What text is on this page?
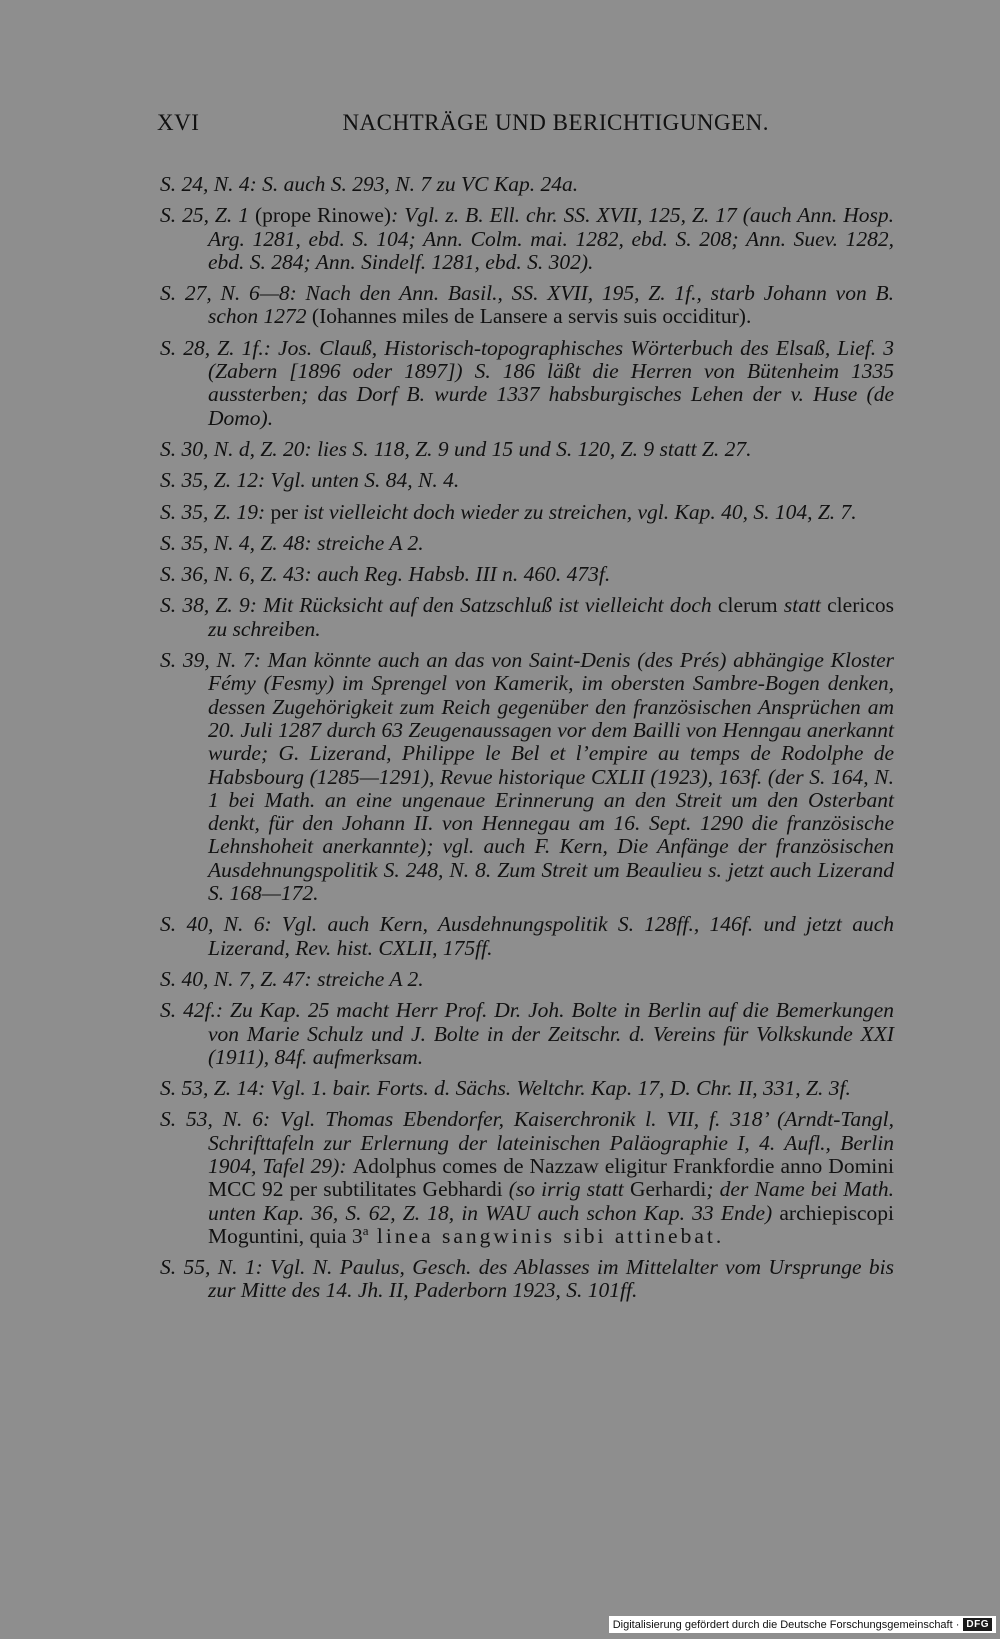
XVI	NACHTRÄGE UND BERICHTIGUNGEN.
S. 24, N. 4: S. auch S. 293, N. 7 zu VC Kap. 24a.
S. 25, Z. 1 (prope Rinowe): Vgl. z. B. Ell. chr. SS. XVII, 125, Z. 17 (auch Ann. Hosp. Arg. 1281, ebd. S. 104; Ann. Colm. mai. 1282, ebd. S. 208; Ann. Suev. 1282, ebd. S. 284; Ann. Sindelf. 1281, ebd. S. 302).
S. 27, N. 6—8: Nach den Ann. Basil., SS. XVII, 195, Z. 1f., starb Johann von B. schon 1272 (Iohannes miles de Lansere a servis suis occiditur).
S. 28, Z. 1f.: Jos. Clauß, Historisch-topographisches Wörterbuch des Elsaß, Lief. 3 (Zabern [1896 oder 1897]) S. 186 läßt die Herren von Bütenheim 1335 aussterben; das Dorf B. wurde 1337 habsburgisches Lehen der v. Huse (de Domo).
S. 30, N. d, Z. 20: lies S. 118, Z. 9 und 15 und S. 120, Z. 9 statt Z. 27.
S. 35, Z. 12: Vgl. unten S. 84, N. 4.
S. 35, Z. 19: per ist vielleicht doch wieder zu streichen, vgl. Kap. 40, S. 104, Z. 7.
S. 35, N. 4, Z. 48: streiche A 2.
S. 36, N. 6, Z. 43: auch Reg. Habsb. III n. 460. 473f.
S. 38, Z. 9: Mit Rücksicht auf den Satzschluß ist vielleicht doch clerum statt clericos zu schreiben.
S. 39, N. 7: Man könnte auch an das von Saint-Denis (des Prés) abhängige Kloster Fémy (Fesmy) im Sprengel von Kamerik, im obersten Sambre-Bogen denken, dessen Zugehörigkeit zum Reich gegenüber den französischen Ansprüchen am 20. Juli 1287 durch 63 Zeugenaussagen vor dem Bailli von Henngau anerkannt wurde; G. Lizerand, Philippe le Bel et l’empire au temps de Rodolphe de Habsbourg (1285—1291), Revue historique CXLII (1923), 163f. (der S. 164, N. 1 bei Math. an eine ungenaue Erinnerung an den Streit um den Osterbant denkt, für den Johann II. von Hennegau am 16. Sept. 1290 die französische Lehnshoheit anerkannte); vgl. auch F. Kern, Die Anfänge der französischen Ausdehnungspolitik S. 248, N. 8. Zum Streit um Beaulieu s. jetzt auch Lizerand S. 168—172.
S. 40, N. 6: Vgl. auch Kern, Ausdehnungspolitik S. 128ff., 146f. und jetzt auch Lizerand, Rev. hist. CXLII, 175ff.
S. 40, N. 7, Z. 47: streiche A 2.
S. 42f.: Zu Kap. 25 macht Herr Prof. Dr. Joh. Bolte in Berlin auf die Bemerkungen von Marie Schulz und J. Bolte in der Zeitschr. d. Vereins für Volkskunde XXI (1911), 84f. aufmerksam.
S. 53, Z. 14: Vgl. 1. bair. Forts. d. Sächs. Weltchr. Kap. 17, D. Chr. II, 331, Z. 3f.
S. 53, N. 6: Vgl. Thomas Ebendorfer, Kaiserchronik l. VII, f. 318’ (Arndt-Tangl, Schrifttafeln zur Erlernung der lateinischen Paläographie I, 4. Aufl., Berlin 1904, Tafel 29): Adolphus comes de Nazzaw eligitur Frankfordie anno Domini MCC 92 per subtilitates Gebhardi (so irrig statt Gerhardi; der Name bei Math. unten Kap. 36, S. 62, Z. 18, in WAU auch schon Kap. 33 Ende) archiepiscopi Moguntini, quia 3$^a$ linea sangwinis sibi attinebat.
S. 55, N. 1: Vgl. N. Paulus, Gesch. des Ablasses im Mittelalter vom Ursprunge bis zur Mitte des 14. Jh. II, Paderborn 1923, S. 101ff.
Digitalisierung gefördert durch die Deutsche Forschungsgemeinschaft · DFG
